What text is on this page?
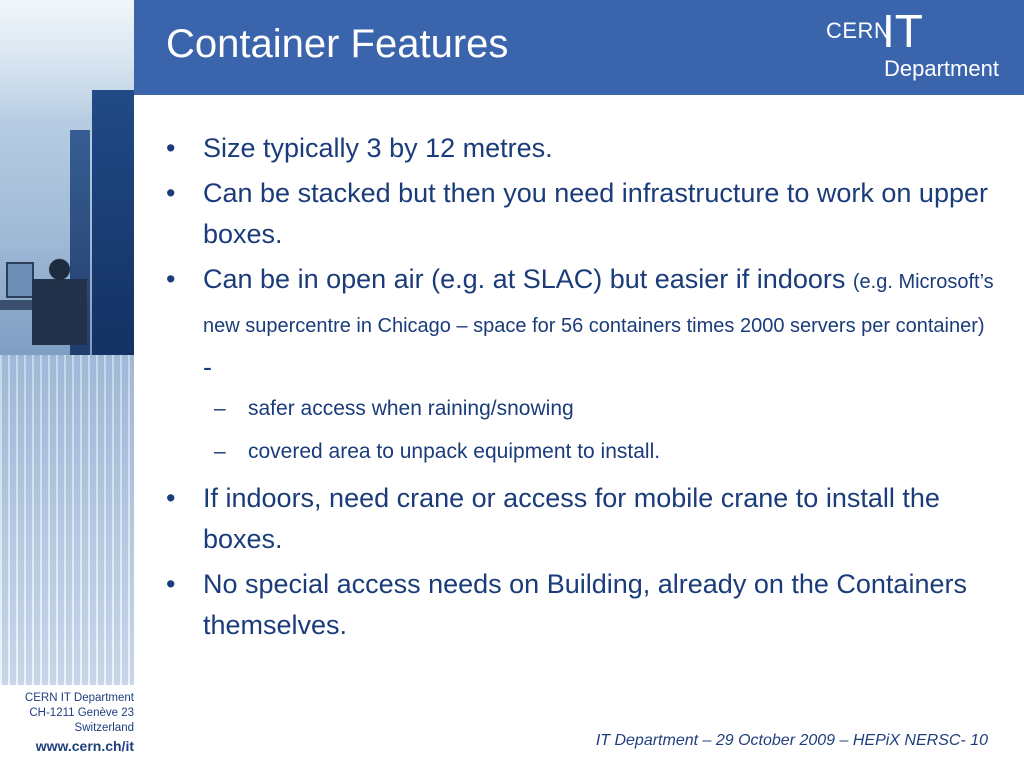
Container Features	CERN
IT
Department
• Size typically 3 by 12 metres.
• Can be stacked but then you need infrastructure to work on upper boxes.
• Can be in open air (e.g. at SLAC) but easier if indoors (e.g. Microsoft’s new supercentre in Chicago – space for 56 containers times 2000 servers per container) -
– safer access when raining/snowing
– covered area to unpack equipment to install.
• If indoors, need crane or access for mobile crane to install the boxes.
• No special access needs on Building, already on the Containers themselves.
CERN IT Department
CH-1211 Genève 23
Switzerland
www.cern.ch/it	IT Department – 29 October 2009 – HEPiX NERSC- 10
